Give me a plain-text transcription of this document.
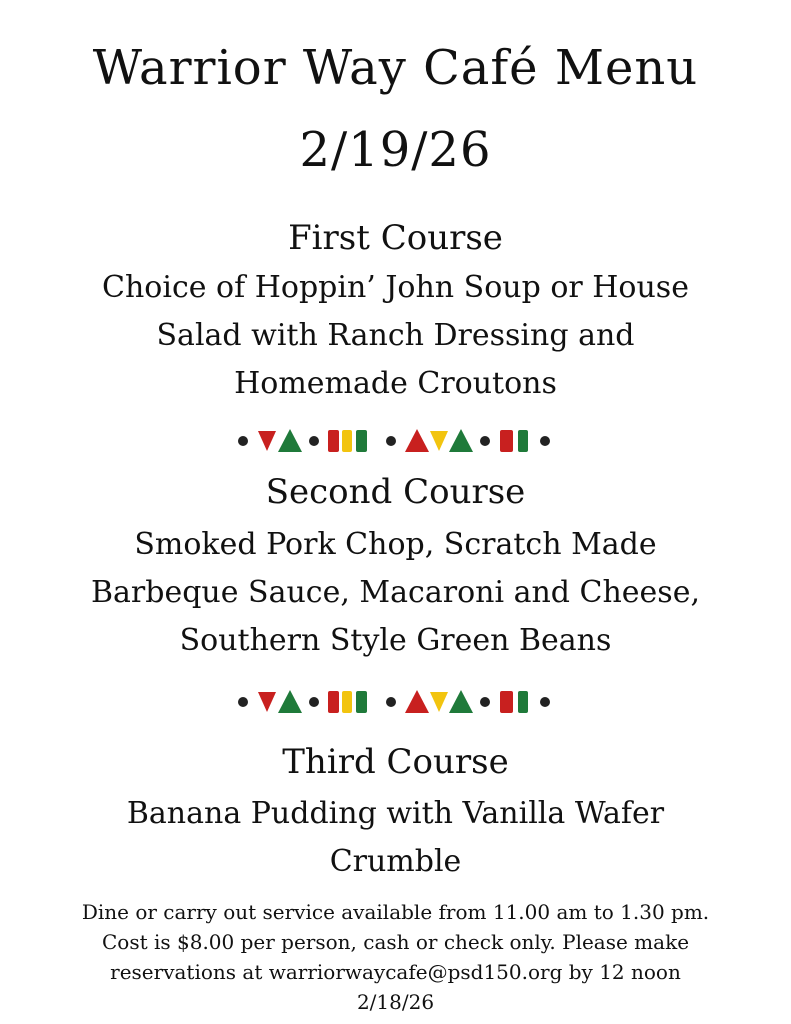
Warrior Way Café Menu
2/19/26
First Course
Choice of Hoppin’ John Soup or House
Salad with Ranch Dressing and
Homemade Croutons
Second Course
Smoked Pork Chop, Scratch Made
Barbeque Sauce, Macaroni and Cheese,
Southern Style Green Beans
Third Course
Banana Pudding with Vanilla Wafer
Crumble
Dine or carry out service available from 11.00 am to 1.30 pm.
Cost is $8.00 per person, cash or check only. Please make
reservations at warriorwaycafe@psd150.org by 12 noon
2/18/26
